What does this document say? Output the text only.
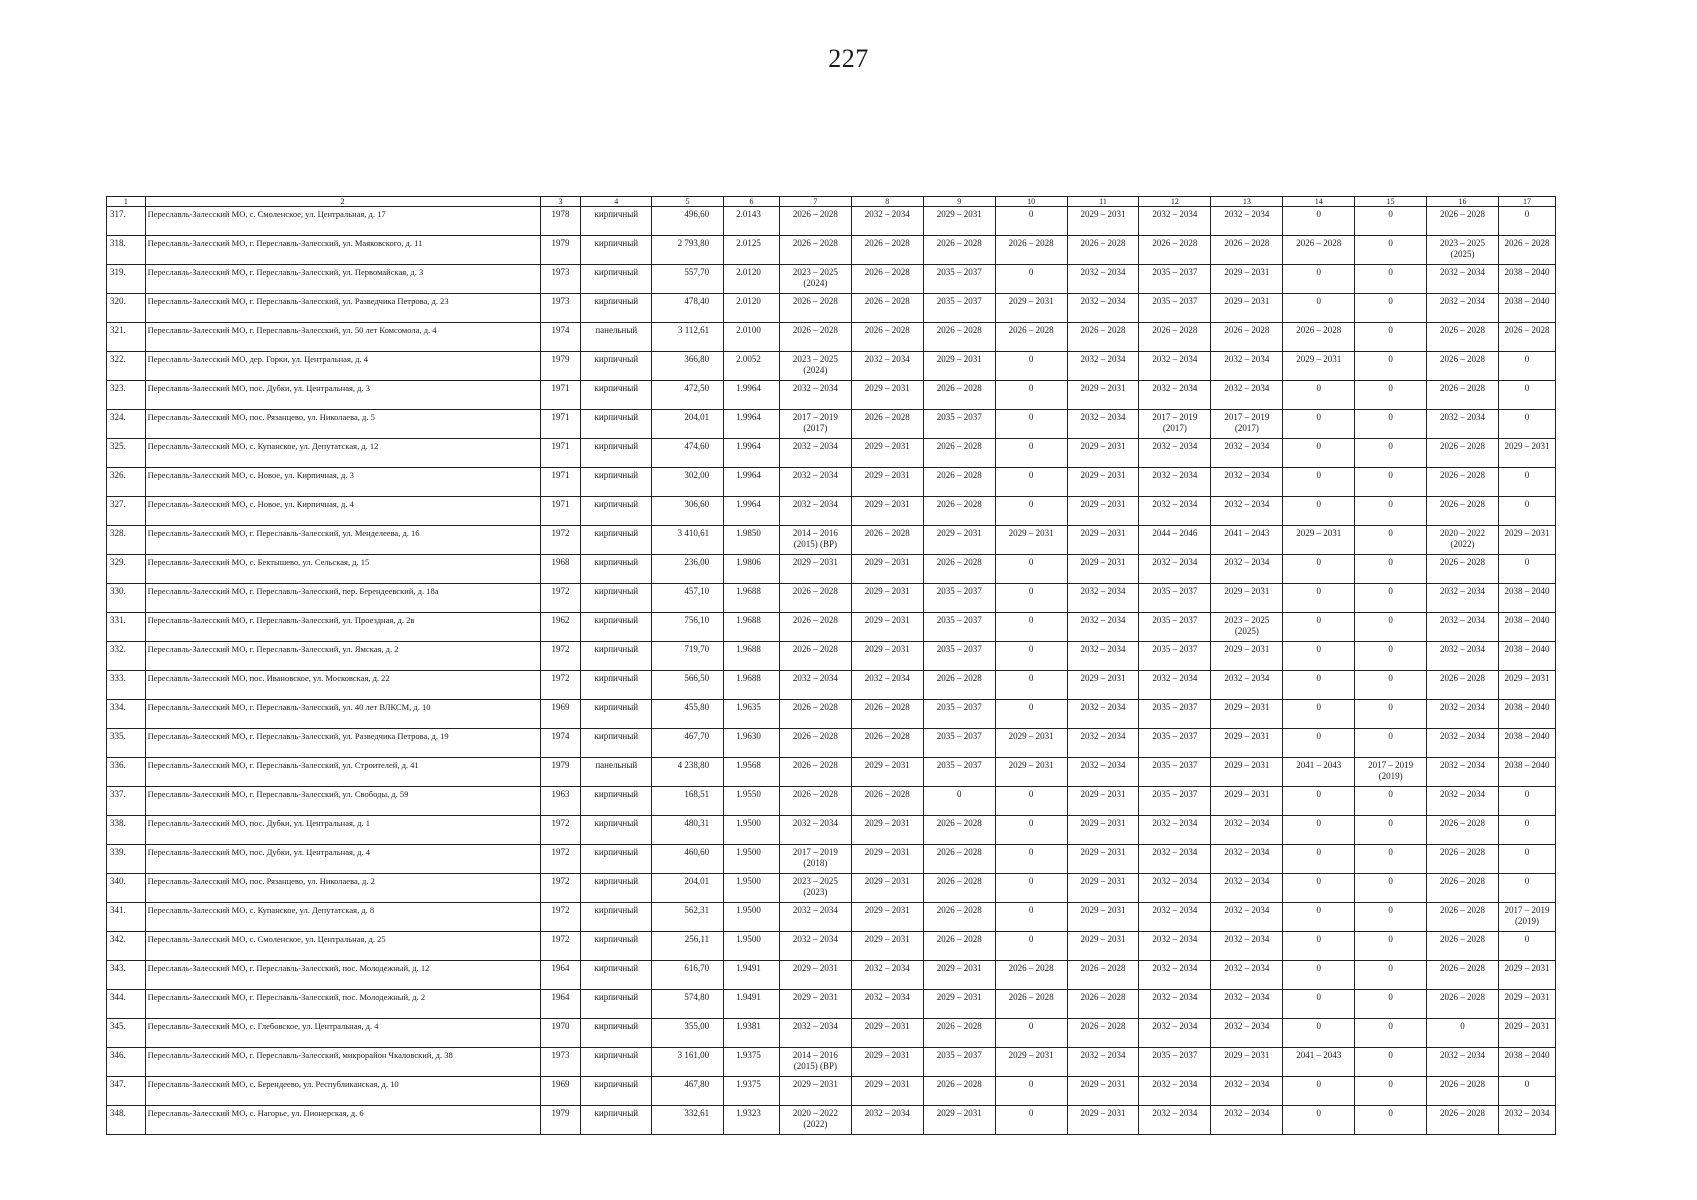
227
1	2	3	4	5	6	7	8	9	10	11	12	13	14	15	16	17
317.	Переславль-Залесский МО, с. Смоленское, ул. Центральная, д. 17	1978	кирпичный	496,60	2.0143	2026 – 2028	2032 – 2034	2029 – 2031	0	2029 – 2031	2032 – 2034	2032 – 2034	0	0	2026 – 2028	0
318.	Переславль-Залесский МО, г. Переславль-Залесский, ул. Маяковского, д. 11	1979	кирпичный	2 793,80	2.0125	2026 – 2028	2026 – 2028	2026 – 2028	2026 – 2028	2026 – 2028	2026 – 2028	2026 – 2028	2026 – 2028	0	2023 – 2025 (2025)	2026 – 2028
319.	Переславль-Залесский МО, г. Переславль-Залесский, ул. Первомайская, д. 3	1973	кирпичный	557,70	2.0120	2023 – 2025 (2024)	2026 – 2028	2035 – 2037	0	2032 – 2034	2035 – 2037	2029 – 2031	0	0	2032 – 2034	2038 – 2040
320.	Переславль-Залесский МО, г. Переславль-Залесский, ул. Разведчика Петрова, д. 23	1973	кирпичный	478,40	2.0120	2026 – 2028	2026 – 2028	2035 – 2037	2029 – 2031	2032 – 2034	2035 – 2037	2029 – 2031	0	0	2032 – 2034	2038 – 2040
321.	Переславль-Залесский МО, г. Переславль-Залесский, ул. 50 лет Комсомола, д. 4	1974	панельный	3 112,61	2.0100	2026 – 2028	2026 – 2028	2026 – 2028	2026 – 2028	2026 – 2028	2026 – 2028	2026 – 2028	2026 – 2028	0	2026 – 2028	2026 – 2028
322.	Переславль-Залесский МО, дер. Горки, ул. Центральная, д. 4	1979	кирпичный	366,80	2.0052	2023 – 2025 (2024)	2032 – 2034	2029 – 2031	0	2032 – 2034	2032 – 2034	2032 – 2034	2029 – 2031	0	2026 – 2028	0
323.	Переславль-Залесский МО, пос. Дубки, ул. Центральная, д. 3	1971	кирпичный	472,50	1.9964	2032 – 2034	2029 – 2031	2026 – 2028	0	2029 – 2031	2032 – 2034	2032 – 2034	0	0	2026 – 2028	0
324.	Переславль-Залесский МО, пос. Рязанцево, ул. Николаева, д. 5	1971	кирпичный	204,01	1.9964	2017 – 2019 (2017)	2026 – 2028	2035 – 2037	0	2032 – 2034	2017 – 2019 (2017)	2017 – 2019 (2017)	0	0	2032 – 2034	0
325.	Переславль-Залесский МО, с. Купанское, ул. Депутатская, д. 12	1971	кирпичный	474,60	1.9964	2032 – 2034	2029 – 2031	2026 – 2028	0	2029 – 2031	2032 – 2034	2032 – 2034	0	0	2026 – 2028	2029 – 2031
326.	Переславль-Залесский МО, с. Новое, ул. Кирпичная, д. 3	1971	кирпичный	302,00	1.9964	2032 – 2034	2029 – 2031	2026 – 2028	0	2029 – 2031	2032 – 2034	2032 – 2034	0	0	2026 – 2028	0
327.	Переславль-Залесский МО, с. Новое, ул. Кирпичная, д. 4	1971	кирпичный	306,60	1.9964	2032 – 2034	2029 – 2031	2026 – 2028	0	2029 – 2031	2032 – 2034	2032 – 2034	0	0	2026 – 2028	0
328.	Переславль-Залесский МО, г. Переславль-Залесский, ул. Менделеева, д. 16	1972	кирпичный	3 410,61	1.9850	2014 – 2016 (2015) (ВР)	2026 – 2028	2029 – 2031	2029 – 2031	2029 – 2031	2044 – 2046	2041 – 2043	2029 – 2031	0	2020 – 2022 (2022)	2029 – 2031
329.	Переславль-Залесский МО, с. Бектышево, ул. Сельская, д. 15	1968	кирпичный	236,00	1.9806	2029 – 2031	2029 – 2031	2026 – 2028	0	2029 – 2031	2032 – 2034	2032 – 2034	0	0	2026 – 2028	0
330.	Переславль-Залесский МО, г. Переславль-Залесский, пер. Берендеевский, д. 18а	1972	кирпичный	457,10	1.9688	2026 – 2028	2029 – 2031	2035 – 2037	0	2032 – 2034	2035 – 2037	2029 – 2031	0	0	2032 – 2034	2038 – 2040
331.	Переславль-Залесский МО, г. Переславль-Залесский, ул. Проездная, д. 2в	1962	кирпичный	756,10	1.9688	2026 – 2028	2029 – 2031	2035 – 2037	0	2032 – 2034	2035 – 2037	2023 – 2025 (2025)	0	0	2032 – 2034	2038 – 2040
332.	Переславль-Залесский МО, г. Переславль-Залесский, ул. Ямская, д. 2	1972	кирпичный	719,70	1.9688	2026 – 2028	2029 – 2031	2035 – 2037	0	2032 – 2034	2035 – 2037	2029 – 2031	0	0	2032 – 2034	2038 – 2040
333.	Переславль-Залесский МО, пос. Ивановское, ул. Московская, д. 22	1972	кирпичный	566,50	1.9688	2032 – 2034	2032 – 2034	2026 – 2028	0	2029 – 2031	2032 – 2034	2032 – 2034	0	0	2026 – 2028	2029 – 2031
334.	Переславль-Залесский МО, г. Переславль-Залесский, ул. 40 лет ВЛКСМ, д. 10	1969	кирпичный	455,80	1.9635	2026 – 2028	2026 – 2028	2035 – 2037	0	2032 – 2034	2035 – 2037	2029 – 2031	0	0	2032 – 2034	2038 – 2040
335.	Переславль-Залесский МО, г. Переславль-Залесский, ул. Разведчика Петрова, д. 19	1974	кирпичный	467,70	1.9630	2026 – 2028	2026 – 2028	2035 – 2037	2029 – 2031	2032 – 2034	2035 – 2037	2029 – 2031	0	0	2032 – 2034	2038 – 2040
336.	Переславль-Залесский МО, г. Переславль-Залесский, ул. Строителей, д. 41	1979	панельный	4 238,80	1.9568	2026 – 2028	2029 – 2031	2035 – 2037	2029 – 2031	2032 – 2034	2035 – 2037	2029 – 2031	2041 – 2043	2017 – 2019 (2019)	2032 – 2034	2038 – 2040
337.	Переславль-Залесский МО, г. Переславль-Залесский, ул. Свободы, д. 59	1963	кирпичный	168,51	1.9550	2026 – 2028	2026 – 2028	0	0	2029 – 2031	2035 – 2037	2029 – 2031	0	0	2032 – 2034	0
338.	Переславль-Залесский МО, пос. Дубки, ул. Центральная, д. 1	1972	кирпичный	480,31	1.9500	2032 – 2034	2029 – 2031	2026 – 2028	0	2029 – 2031	2032 – 2034	2032 – 2034	0	0	2026 – 2028	0
339.	Переславль-Залесский МО, пос. Дубки, ул. Центральная, д. 4	1972	кирпичный	460,60	1.9500	2017 – 2019 (2018)	2029 – 2031	2026 – 2028	0	2029 – 2031	2032 – 2034	2032 – 2034	0	0	2026 – 2028	0
340.	Переславль-Залесский МО, пос. Рязанцево, ул. Николаева, д. 2	1972	кирпичный	204,01	1.9500	2023 – 2025 (2023)	2029 – 2031	2026 – 2028	0	2029 – 2031	2032 – 2034	2032 – 2034	0	0	2026 – 2028	0
341.	Переславль-Залесский МО, с. Купанское, ул. Депутатская, д. 8	1972	кирпичный	562,31	1.9500	2032 – 2034	2029 – 2031	2026 – 2028	0	2029 – 2031	2032 – 2034	2032 – 2034	0	0	2026 – 2028	2017 – 2019 (2019)
342.	Переславль-Залесский МО, с. Смоленское, ул. Центральная, д. 25	1972	кирпичный	256,11	1.9500	2032 – 2034	2029 – 2031	2026 – 2028	0	2029 – 2031	2032 – 2034	2032 – 2034	0	0	2026 – 2028	0
343.	Переславль-Залесский МО, г. Переславль-Залесский, пос. Молодежный, д. 12	1964	кирпичный	616,70	1.9491	2029 – 2031	2032 – 2034	2029 – 2031	2026 – 2028	2026 – 2028	2032 – 2034	2032 – 2034	0	0	2026 – 2028	2029 – 2031
344.	Переславль-Залесский МО, г. Переславль-Залесский, пос. Молодежный, д. 2	1964	кирпичный	574,80	1.9491	2029 – 2031	2032 – 2034	2029 – 2031	2026 – 2028	2026 – 2028	2032 – 2034	2032 – 2034	0	0	2026 – 2028	2029 – 2031
345.	Переславль-Залесский МО, с. Глебовское, ул. Центральная, д. 4	1970	кирпичный	355,00	1.9381	2032 – 2034	2029 – 2031	2026 – 2028	0	2026 – 2028	2032 – 2034	2032 – 2034	0	0	0	2029 – 2031
346.	Переславль-Залесский МО, г. Переславль-Залесский, микрорайон Чкаловский, д. 38	1973	кирпичный	3 161,00	1.9375	2014 – 2016 (2015) (ВР)	2029 – 2031	2035 – 2037	2029 – 2031	2032 – 2034	2035 – 2037	2029 – 2031	2041 – 2043	0	2032 – 2034	2038 – 2040
347.	Переславль-Залесский МО, с. Берендеево, ул. Республиканская, д. 10	1969	кирпичный	467,80	1.9375	2029 – 2031	2029 – 2031	2026 – 2028	0	2029 – 2031	2032 – 2034	2032 – 2034	0	0	2026 – 2028	0
348.	Переславль-Залесский МО, с. Нагорье, ул. Пионерская, д. 6	1979	кирпичный	332,61	1.9323	2020 – 2022 (2022)	2032 – 2034	2029 – 2031	0	2029 – 2031	2032 – 2034	2032 – 2034	0	0	2026 – 2028	2032 – 2034
